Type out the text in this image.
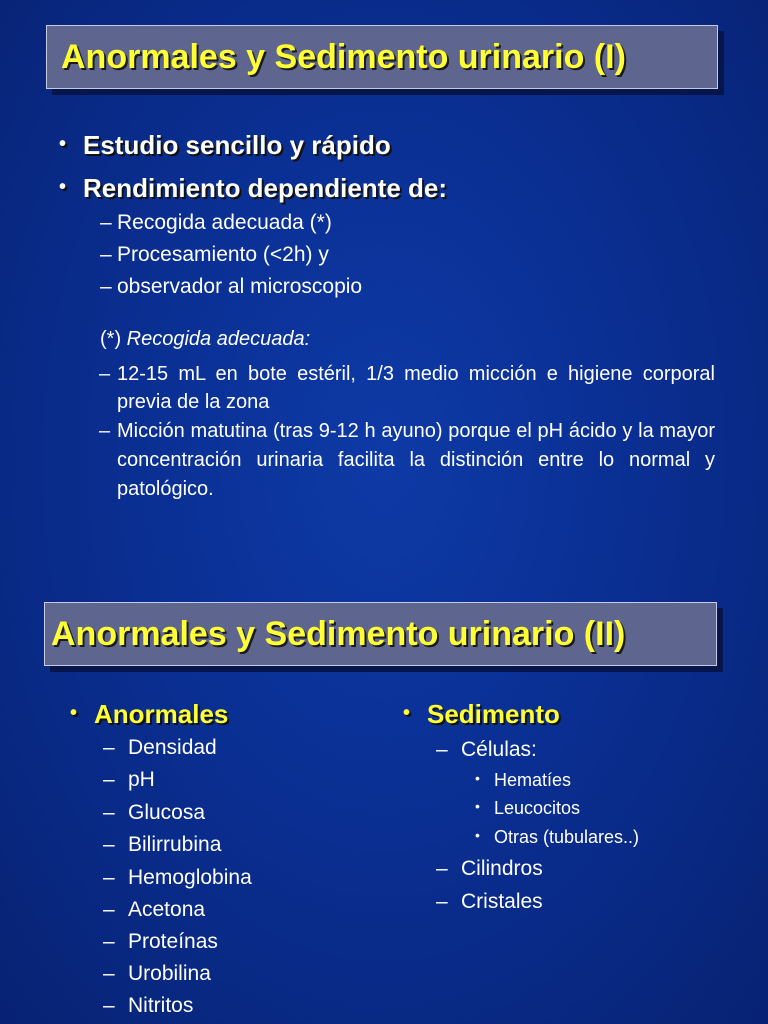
Anormales y Sedimento urinario (I)
• Estudio sencillo y rápido
• Rendimiento dependiente de:
– Recogida adecuada (*)
– Procesamiento (<2h) y
– observador al microscopio
(*) Recogida adecuada:
– 12-15 mL en bote estéril, 1/3 medio micción e higiene corporal previa de la zona
– Micción matutina (tras 9-12 h ayuno) porque el pH ácido y la mayor concentración urinaria facilita la distinción entre lo normal y patológico.
Anormales y Sedimento urinario (II)
• Anormales
– Densidad
– pH
– Glucosa
– Bilirrubina
– Hemoglobina
– Acetona
– Proteínas
– Urobilina
– Nitritos
• Sedimento
– Células:
• Hematíes
• Leucocitos
• Otras (tubulares..)
– Cilindros
– Cristales
